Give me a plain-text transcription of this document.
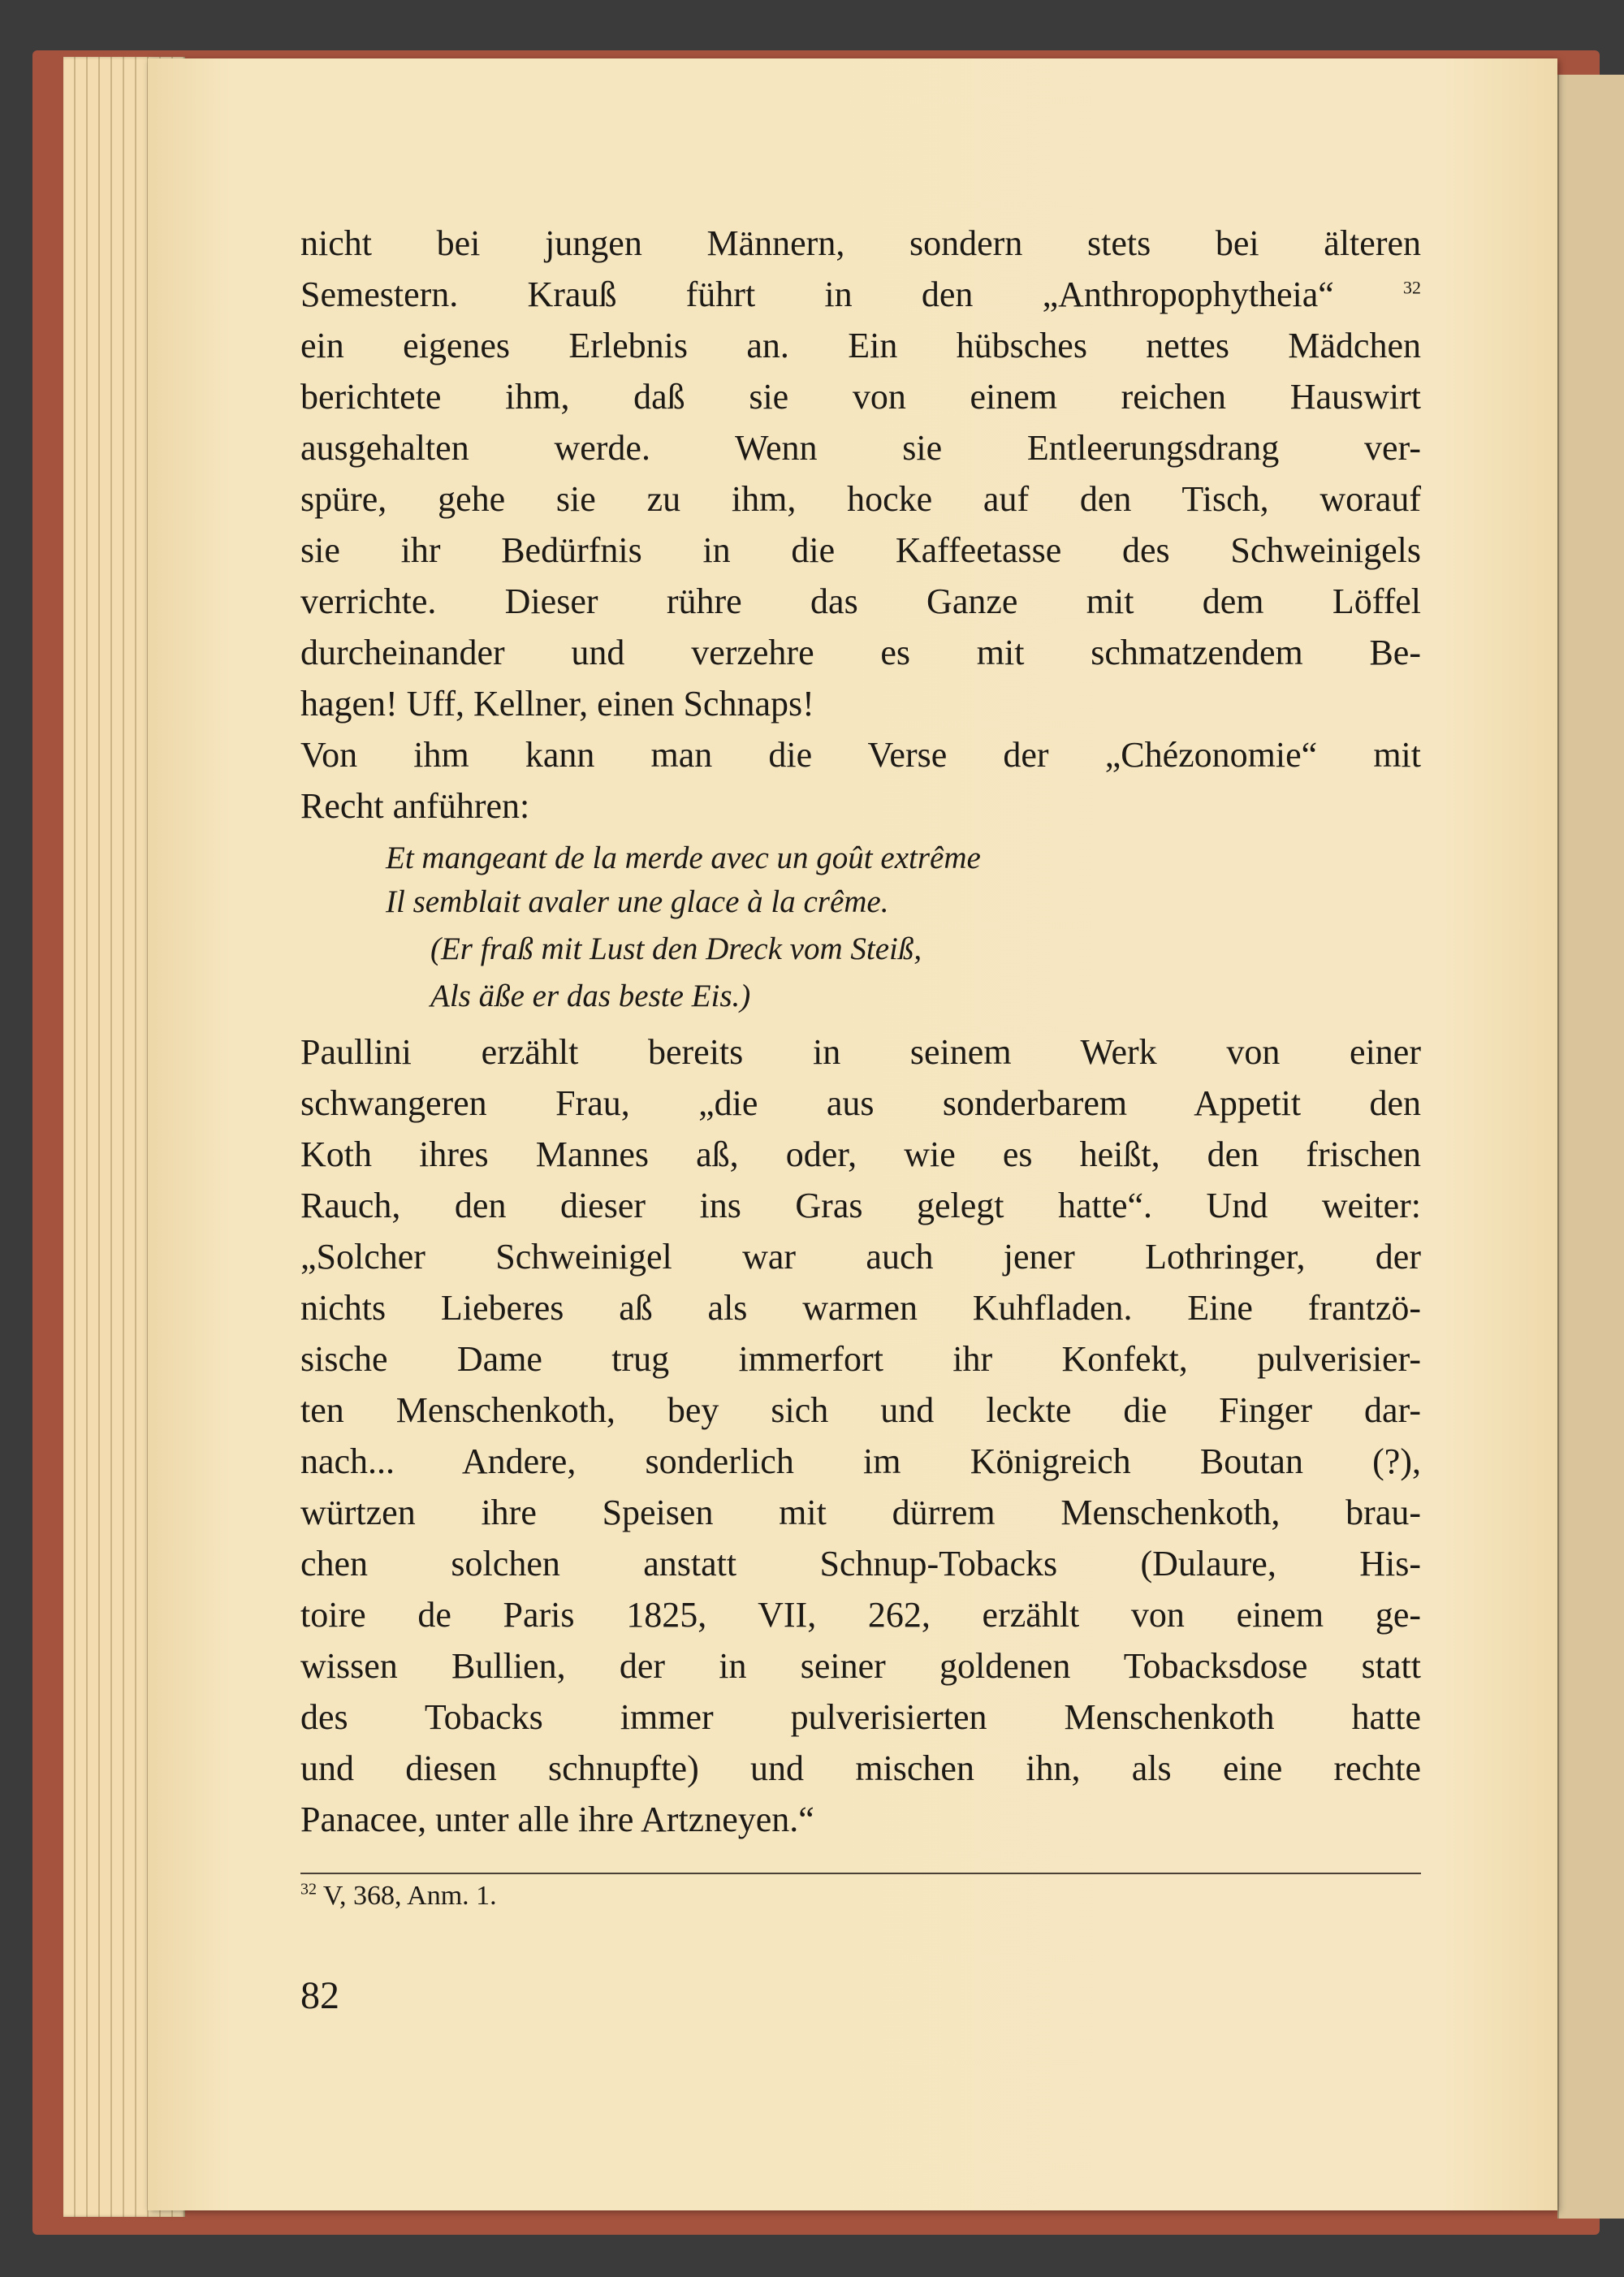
nicht bei jungen Männern, sondern stets bei älteren
Semestern. Krauß führt in den „Anthropophytheia“	$^{32}$
ein eigenes Erlebnis an. Ein hübsches nettes Mädchen
berichtete ihm, daß sie von einem reichen Hauswirt
ausgehalten werde. Wenn sie Entleerungsdrang ver-
spüre, gehe sie zu ihm, hocke auf den Tisch, worauf
sie ihr Bedürfnis in die Kaffeetasse des Schweinigels
verrichte. Dieser rühre das Ganze mit dem Löffel
durcheinander und verzehre es mit schmatzendem Be-
hagen! Uff, Kellner, einen Schnaps!
Von ihm kann man die Verse der „Chézonomie“ mit
Recht anführen:
Et mangeant de la merde avec un goût extrême
Il semblait avaler une glace à la crême.
(Er fraß mit Lust den Dreck vom Steiß,
Als äße er das beste Eis.)
Paullini erzählt bereits in seinem Werk von einer
schwangeren Frau, „die aus sonderbarem Appetit den
Koth ihres Mannes aß, oder, wie es heißt, den frischen
Rauch, den dieser ins Gras gelegt hatte“. Und weiter:
„Solcher Schweinigel war auch jener Lothringer, der
nichts Lieberes aß als warmen Kuhfladen. Eine frantzö-
sische Dame trug immerfort ihr Konfekt, pulverisier-
ten Menschenkoth, bey sich und leckte die Finger dar-
nach... Andere, sonderlich im Königreich Boutan (?),
würtzen ihre Speisen mit dürrem Menschenkoth, brau-
chen solchen anstatt Schnup-Tobacks (Dulaure, His-
toire de Paris 1825, VII, 262, erzählt von einem ge-
wissen Bullien, der in seiner goldenen Tobacksdose statt
des Tobacks immer pulverisierten Menschenkoth hatte
und diesen schnupfte) und mischen ihn, als eine rechte
Panacee, unter alle ihre Artzneyen.“
$^{32}$ V, 368, Anm. 1.
82
